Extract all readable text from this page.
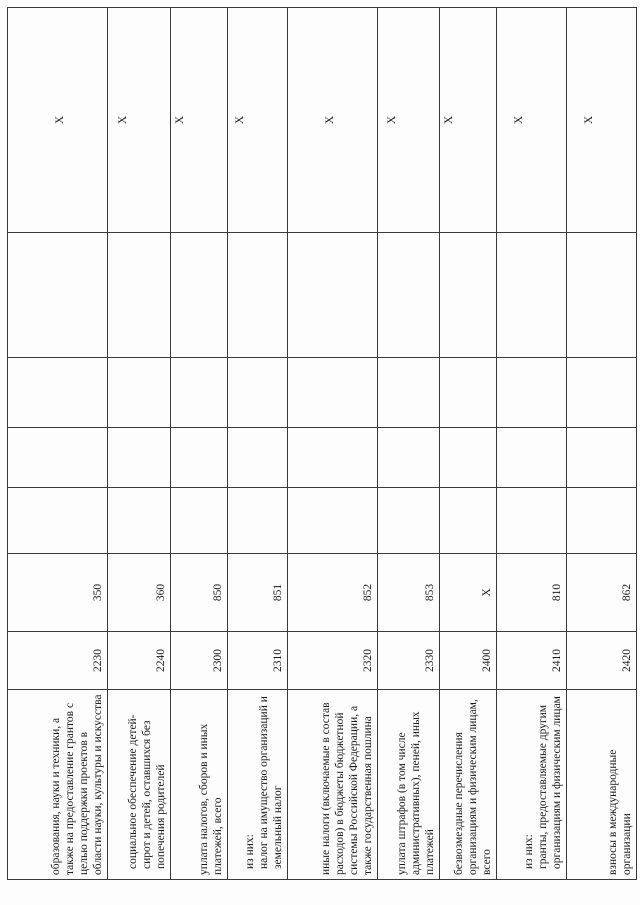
образования, науки и техники, а также на предоставление грантов с целью поддержки проектов в области науки, культуры и искусства	2230	350					X
социальное обеспечение детей-сирот и детей, оставшихся без попечения родителей	2240	360					X
уплата налогов, сборов и иных платежей, всего	2300	850					X
из них:
налог на имущество организаций и земельный налог	2310	851					X
иные налоги (включаемые в состав расходов) в бюджеты бюджетной системы Российской Федерации, а также государственная пошлина	2320	852					X
уплата штрафов (в том числе административных), пеней, иных платежей	2330	853					X
безвозмездные перечисления организациям и физическим лицам, всего	2400	X					X
из них:
гранты, предоставляемые другим организациям и физическим лицам	2410	810					X
взносы в международные организации	2420	862					X
